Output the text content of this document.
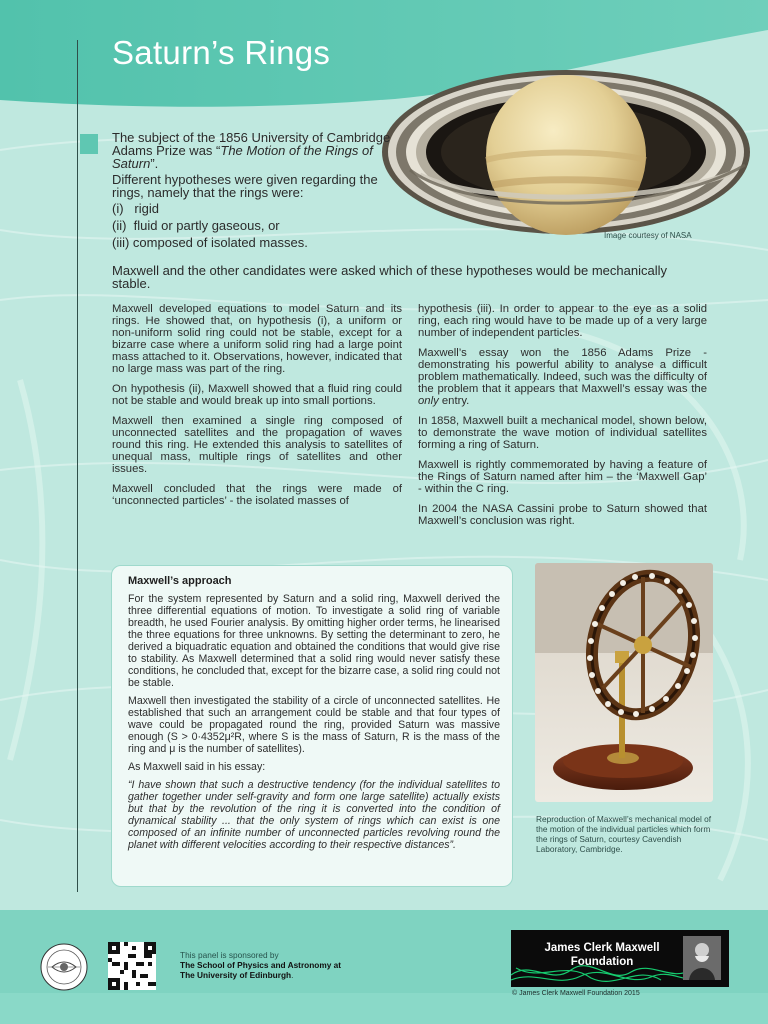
Saturn’s Rings

The subject of the 1856 University of Cambridge Adams Prize was “The Motion of the Rings of Saturn”.

Different hypotheses were given regarding the rings, namely that the rings were:

(i)   rigid

(ii)  fluid or partly gaseous, or

(iii) composed of isolated masses.

Maxwell and the other candidates were asked which of these hypotheses would be mechanically stable.
Image courtesy of NASA

Maxwell developed equations to model Saturn and its rings. He showed that, on hypothesis (i), a uniform or non-uniform solid ring could not be stable, except for a bizarre case where a uniform solid ring had a large point mass attached to it. Observations, however, indicated that no large mass was part of the ring.

On hypothesis (ii), Maxwell showed that a fluid ring could not be stable and would break up into small portions.

Maxwell then examined a single ring composed of unconnected satellites and the propagation of waves round this ring. He extended this analysis to satellites of unequal mass, multiple rings of satellites and other issues.

Maxwell concluded that the rings were made of ‘unconnected particles’ - the isolated masses of

hypothesis (iii). In order to appear to the eye as a solid ring, each ring would have to be made up of a very large number of independent particles.

Maxwell’s essay won the 1856 Adams Prize - demonstrating his powerful ability to analyse a difficult problem mathematically. Indeed, such was the difficulty of the problem that it appears that Maxwell’s essay was the only entry.

In 1858, Maxwell built a mechanical model, shown below, to demonstrate the wave motion of individual satellites forming a ring of Saturn.

Maxwell is rightly commemorated by having a feature of the Rings of Saturn named after him – the ‘Maxwell Gap’ - within the C ring.

In 2004 the NASA Cassini probe to Saturn showed that Maxwell’s conclusion was right.

Maxwell’s approach

For the system represented by Saturn and a solid ring, Maxwell derived the three differential equations of motion. To investigate a solid ring of variable breadth, he used Fourier analysis. By omitting higher order terms, he linearised the three equations for three unknowns. By setting the determinant to zero, he derived a biquadratic equation and obtained the conditions that would give rise to stability. As Maxwell determined that a solid ring would never satisfy these conditions, he concluded that, except for the bizarre case, a solid ring could not be stable.

Maxwell then investigated the stability of a circle of unconnected satellites. He established that such an arrangement could be stable and that four types of wave could be propagated round the ring, provided Saturn was massive enough (S > 0·4352μ²R, where S is the mass of Saturn, R is the mass of the ring and μ is the number of satellites).

As Maxwell said in his essay:

“I have shown that such a destructive tendency (for the individual satellites to gather together under self-gravity and form one large satellite) actually exists but that by the revolution of the ring it is converted into the condition of dynamical stability ... that the only system of rings which can exist is one composed of an infinite number of unconnected particles revolving round the planet with different velocities according to their respective distances”.

Reproduction of Maxwell’s mechanical model of the motion of the individual particles which form the rings of Saturn, courtesy Cavendish Laboratory, Cambridge.
This panel is sponsored by
The School of Physics and Astronomy at
The University of Edinburgh.
James Clerk Maxwell
Foundation
© James Clerk Maxwell Foundation 2015
